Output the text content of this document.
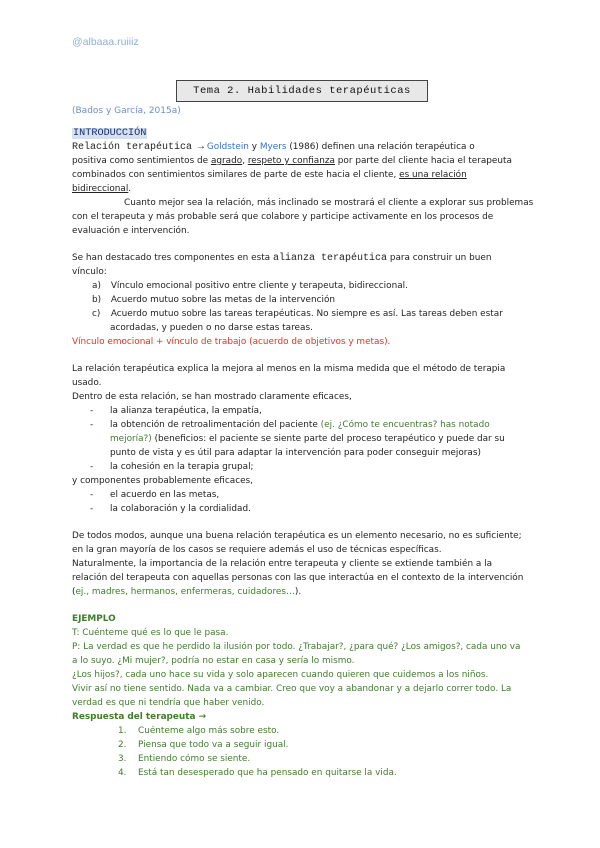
@albaaa.ruiiiz
Tema 2. Habilidades terapéuticas
(Bados y García, 2015a)
INTRODUCCIÓN
Relación terapéutica → Goldstein y Myers (1986) definen una relación terapéutica o
positiva como sentimientos de agrado, respeto y confianza por parte del cliente hacia el terapeuta
combinados con sentimientos similares de parte de este hacia el cliente, es una relación
bidireccional.
Cuanto mejor sea la relación, más inclinado se mostrará el cliente a explorar sus problemas
con el terapeuta y más probable será que colabore y participe activamente en los procesos de
evaluación e intervención.
Se han destacado tres componentes en esta alianza terapéutica para construir un buen
vínculo:
a) Vínculo emocional positivo entre cliente y terapeuta, bidireccional.
b) Acuerdo mutuo sobre las metas de la intervención
c) Acuerdo mutuo sobre las tareas terapéuticas. No siempre es así. Las tareas deben estar
acordadas, y pueden o no darse estas tareas.
Vínculo emocional + vínculo de trabajo (acuerdo de objetivos y metas).
La relación terapéutica explica la mejora al menos en la misma medida que el método de terapia
usado.
Dentro de esta relación, se han mostrado claramente eficaces,
- la alianza terapéutica, la empatía,
- la obtención de retroalimentación del paciente (ej. ¿Cómo te encuentras? has notado
mejoría?) (beneficios: el paciente se siente parte del proceso terapéutico y puede dar su
punto de vista y es útil para adaptar la intervención para poder conseguir mejoras)
- la cohesión en la terapia grupal;
y componentes probablemente eficaces,
- el acuerdo en las metas,
- la colaboración y la cordialidad.
De todos modos, aunque una buena relación terapéutica es un elemento necesario, no es suficiente;
en la gran mayoría de los casos se requiere además el uso de técnicas específicas.
Naturalmente, la importancia de la relación entre terapeuta y cliente se extiende también a la
relación del terapeuta con aquellas personas con las que interactúa en el contexto de la intervención
(ej., madres, hermanos, enfermeras, cuidadores…).
EJEMPLO
T: Cuénteme qué es lo que le pasa.
P: La verdad es que he perdido la ilusión por todo. ¿Trabajar?, ¿para qué? ¿Los amigos?, cada uno va
a lo suyo. ¿Mi mujer?, podría no estar en casa y sería lo mismo.
¿Los hijos?, cada uno hace su vida y solo aparecen cuando quieren que cuidemos a los niños.
Vivir así no tiene sentido. Nada va a cambiar. Creo que voy a abandonar y a dejarlo correr todo. La
verdad es que ni tendría que haber venido.
Respuesta del terapeuta →
1. Cuénteme algo más sobre esto.
2. Piensa que todo va a seguir igual.
3. Entiendo cómo se siente.
4. Está tan desesperado que ha pensado en quitarse la vida.
